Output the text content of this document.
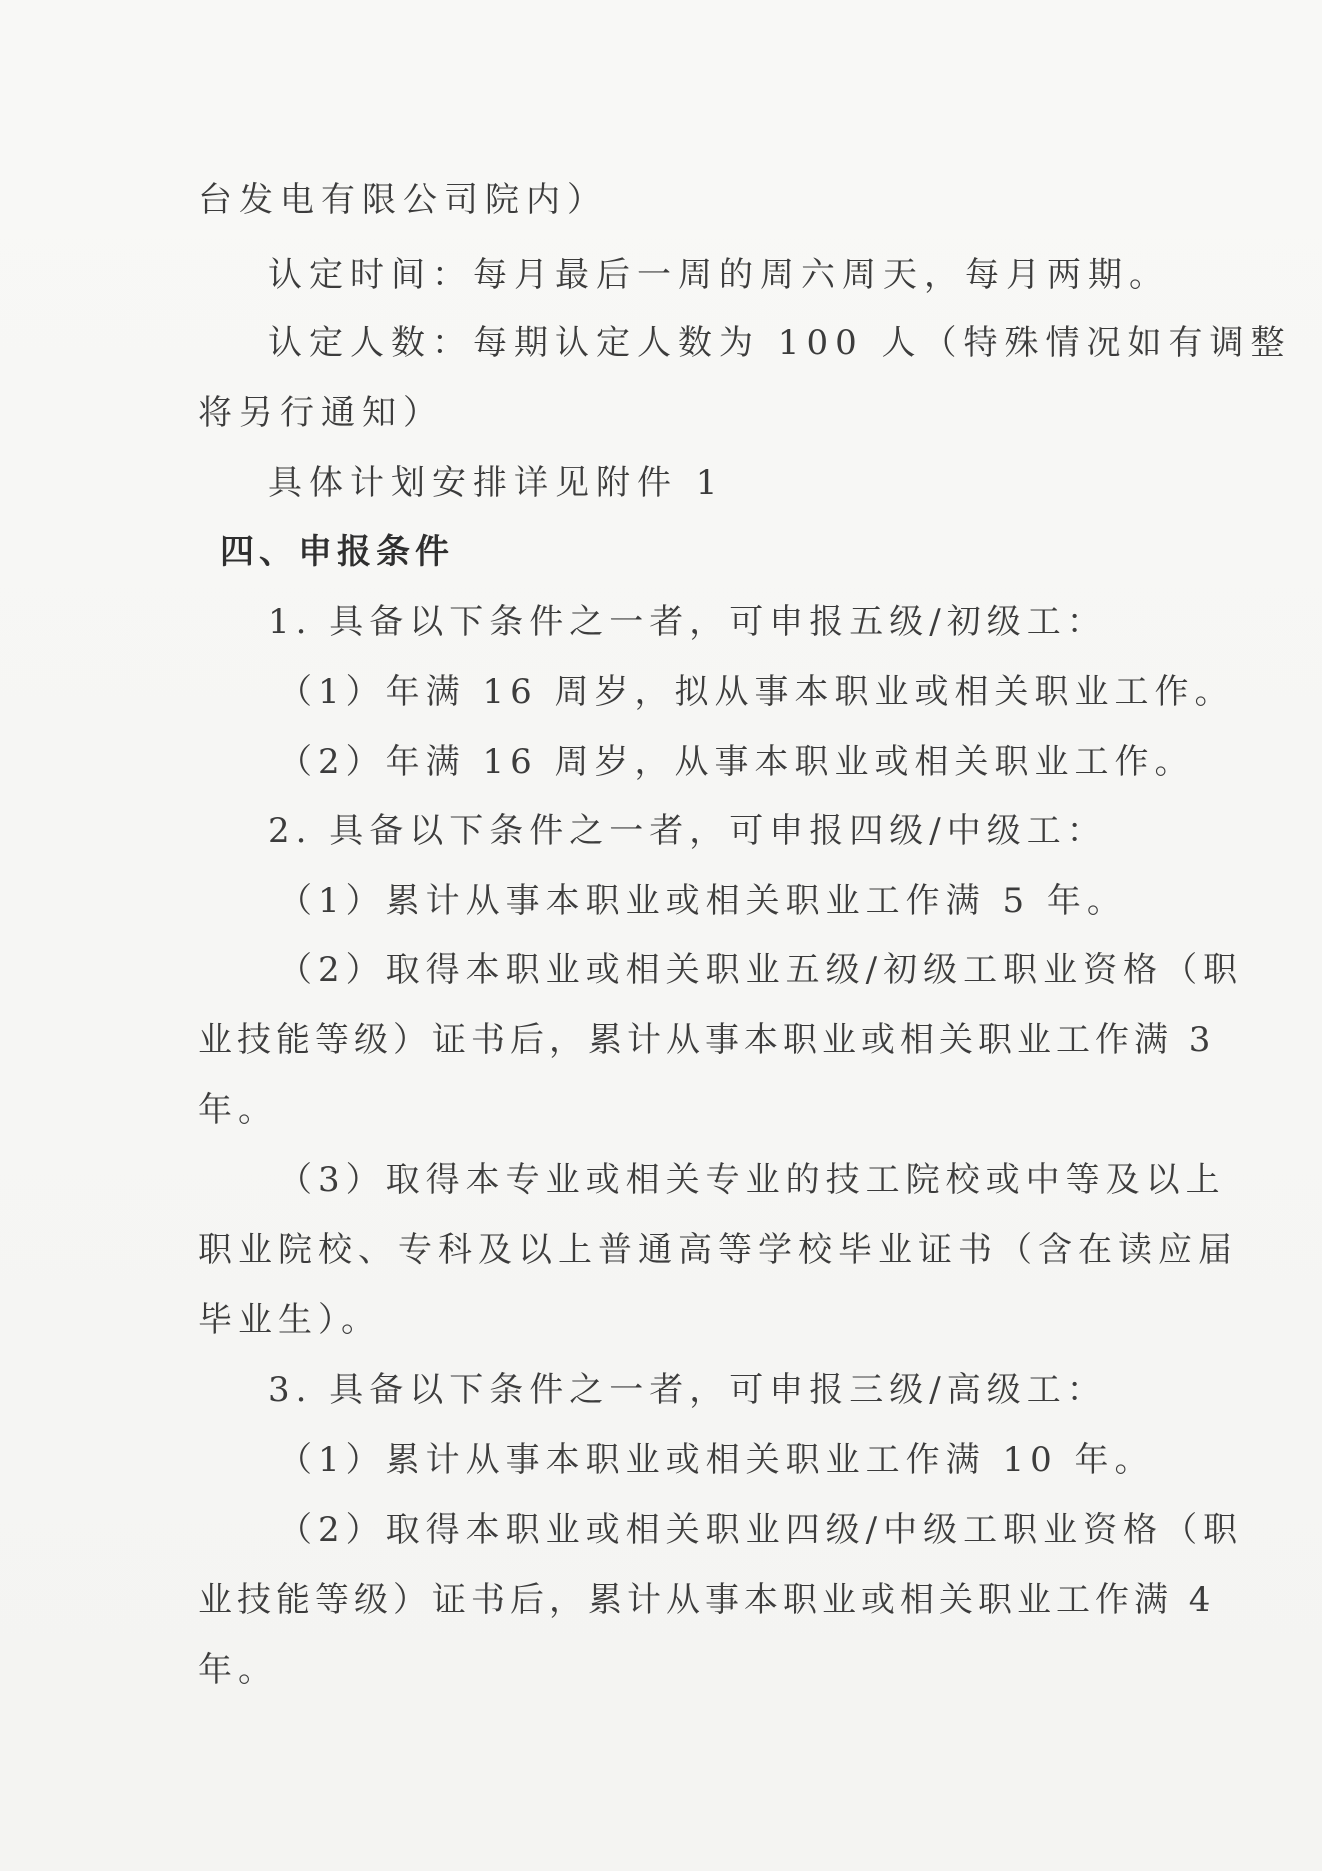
台发电有限公司院内）
认定时间：每月最后一周的周六周天，每月两期。
认定人数：每期认定人数为 100 人（特殊情况如有调整
将另行通知）
具体计划安排详见附件 1
四、申报条件
1. 具备以下条件之一者，可申报五级/初级工：
（1）年满 16 周岁，拟从事本职业或相关职业工作。
（2）年满 16 周岁，从事本职业或相关职业工作。
2. 具备以下条件之一者，可申报四级/中级工：
（1）累计从事本职业或相关职业工作满 5 年。
（2）取得本职业或相关职业五级/初级工职业资格（职
业技能等级）证书后，累计从事本职业或相关职业工作满 3
年。
（3）取得本专业或相关专业的技工院校或中等及以上
职业院校、专科及以上普通高等学校毕业证书（含在读应届
毕业生）。
3. 具备以下条件之一者，可申报三级/高级工：
（1）累计从事本职业或相关职业工作满 10 年。
（2）取得本职业或相关职业四级/中级工职业资格（职
业技能等级）证书后，累计从事本职业或相关职业工作满 4
年。
